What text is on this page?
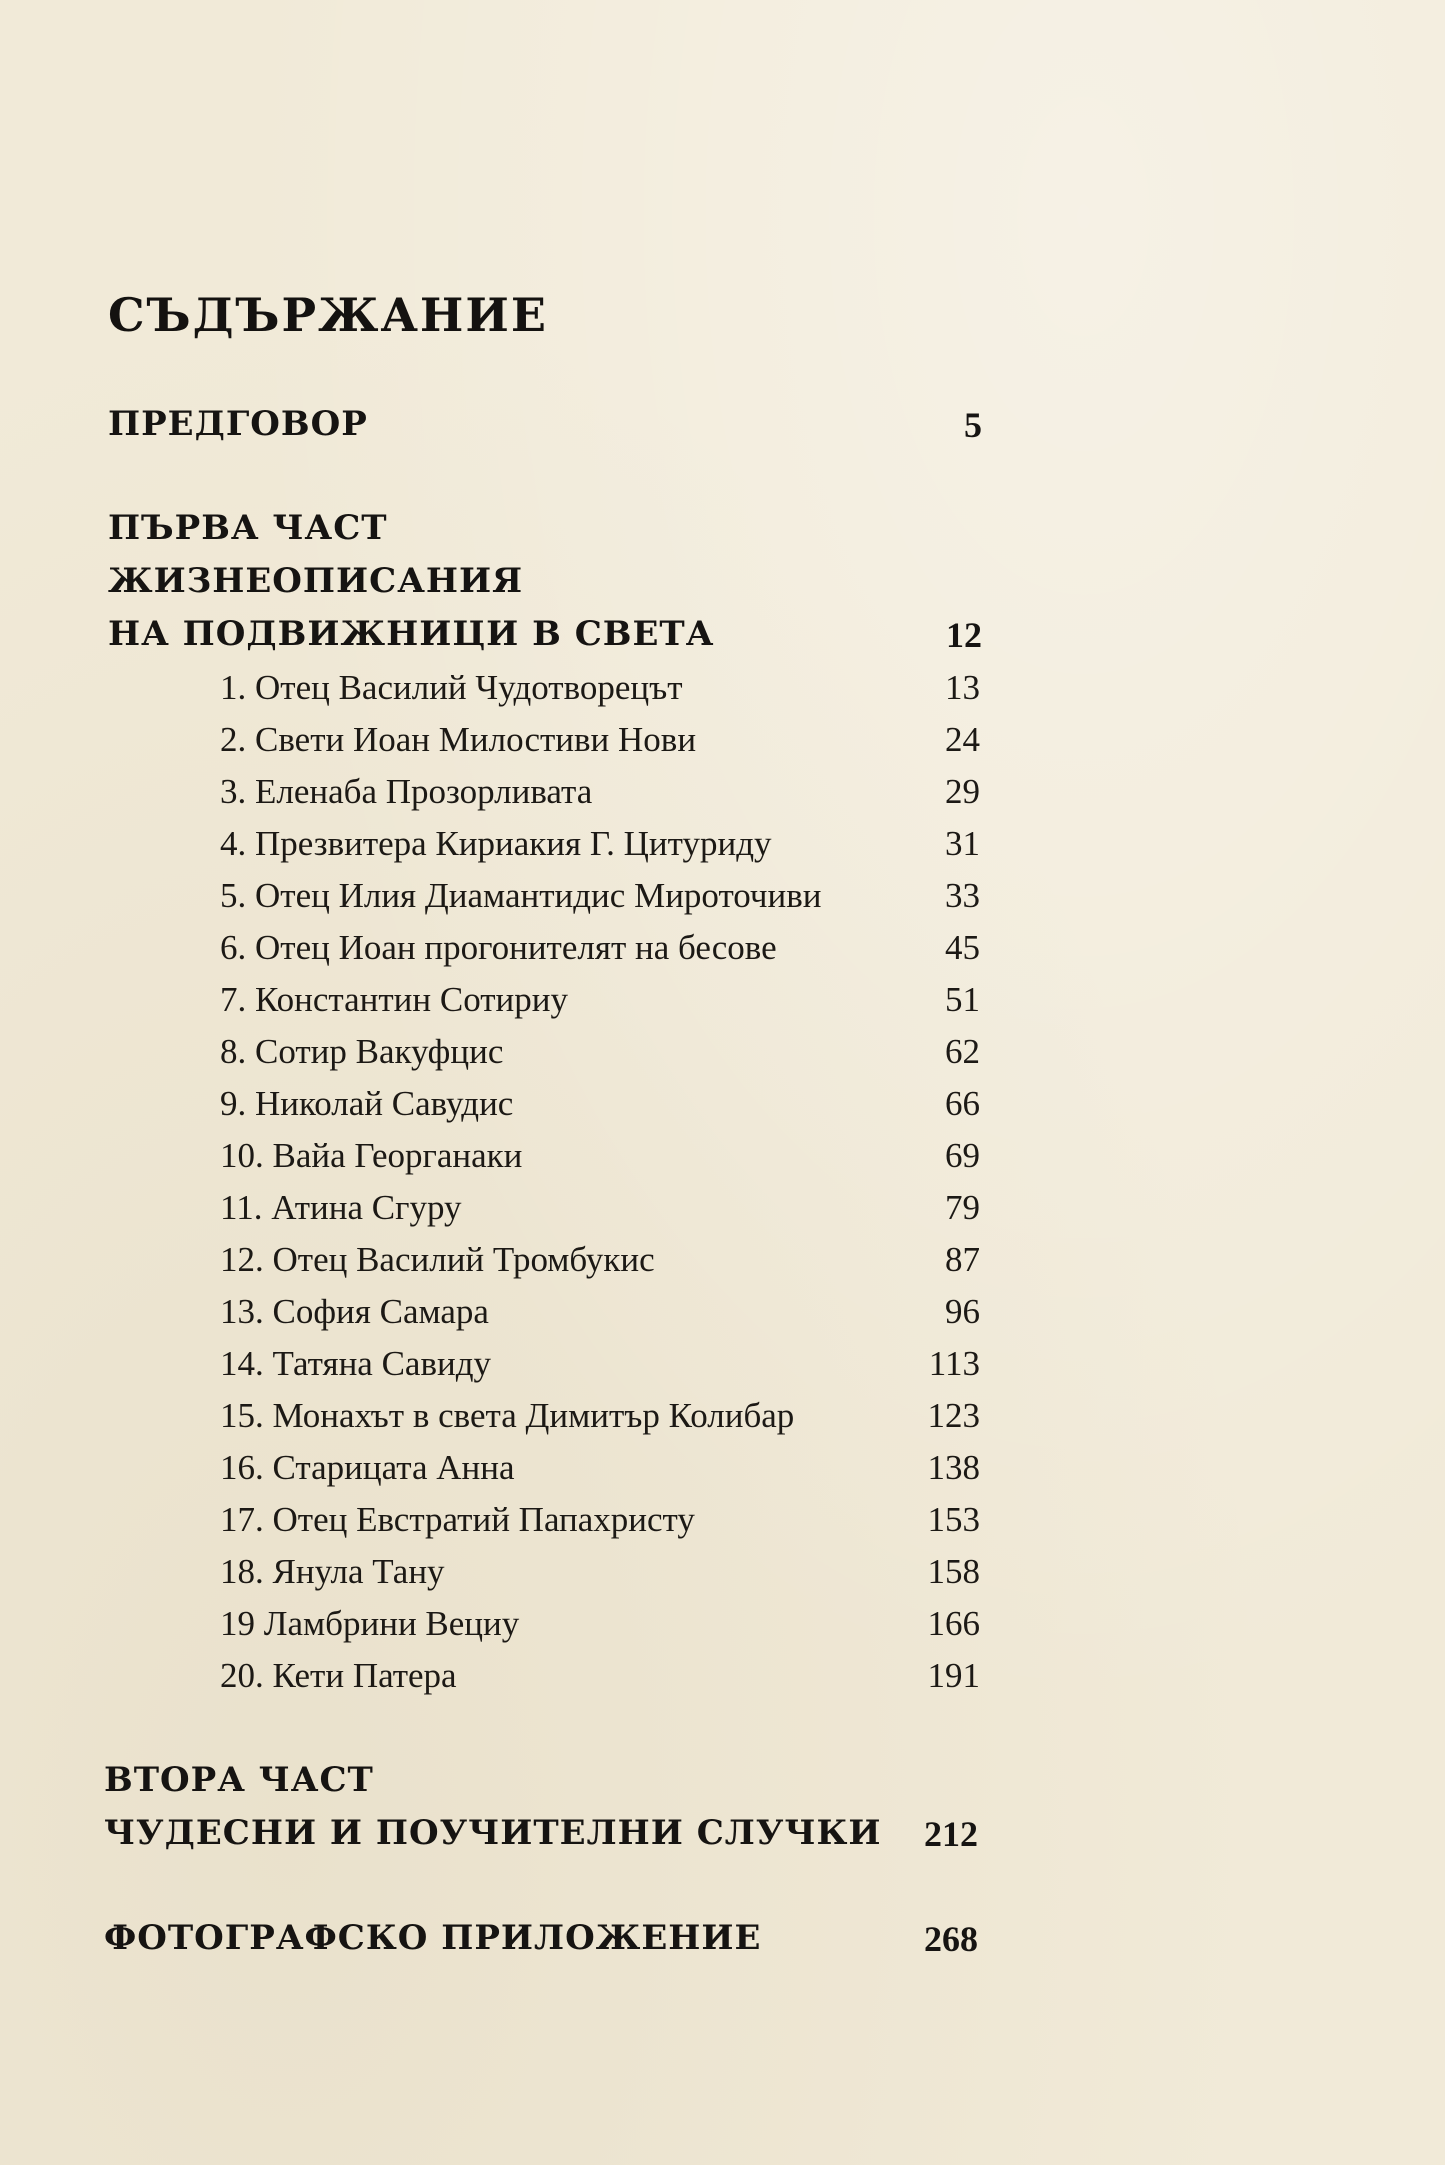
СЪДЪРЖАНИЕ
ПРЕДГОВОР	5
ПЪРВА ЧАСТ
ЖИЗНЕОПИСАНИЯ
НА ПОДВИЖНИЦИ В СВЕТА	12
1. Отец Василий Чудотворецът	13
2. Свети Иоан Милостиви Нови	24
3. Еленаба Прозорливата	29
4. Презвитера Кириакия Г. Цитуриду	31
5. Отец Илия Диамантидис Мироточиви	33
6. Отец Иоан прогонителят на бесове	45
7. Константин Сотириу	51
8. Сотир Вакуфцис	62
9. Николай Савудис	66
10. Вайа Георганаки	69
11. Атина Сгуру	79
12. Отец Василий Тромбукис	87
13. София Самара	96
14. Татяна Савиду	113
15. Монахът в света Димитър Колибар	123
16. Старицата Анна	138
17. Отец Евстратий Папахристу	153
18. Янула Тану	158
19 Ламбрини Вециу	166
20. Кети Патера	191
ВТОРА ЧАСТ
ЧУДЕСНИ И ПОУЧИТЕЛНИ СЛУЧКИ	212
ФОТОГРАФСКО ПРИЛОЖЕНИЕ	268
